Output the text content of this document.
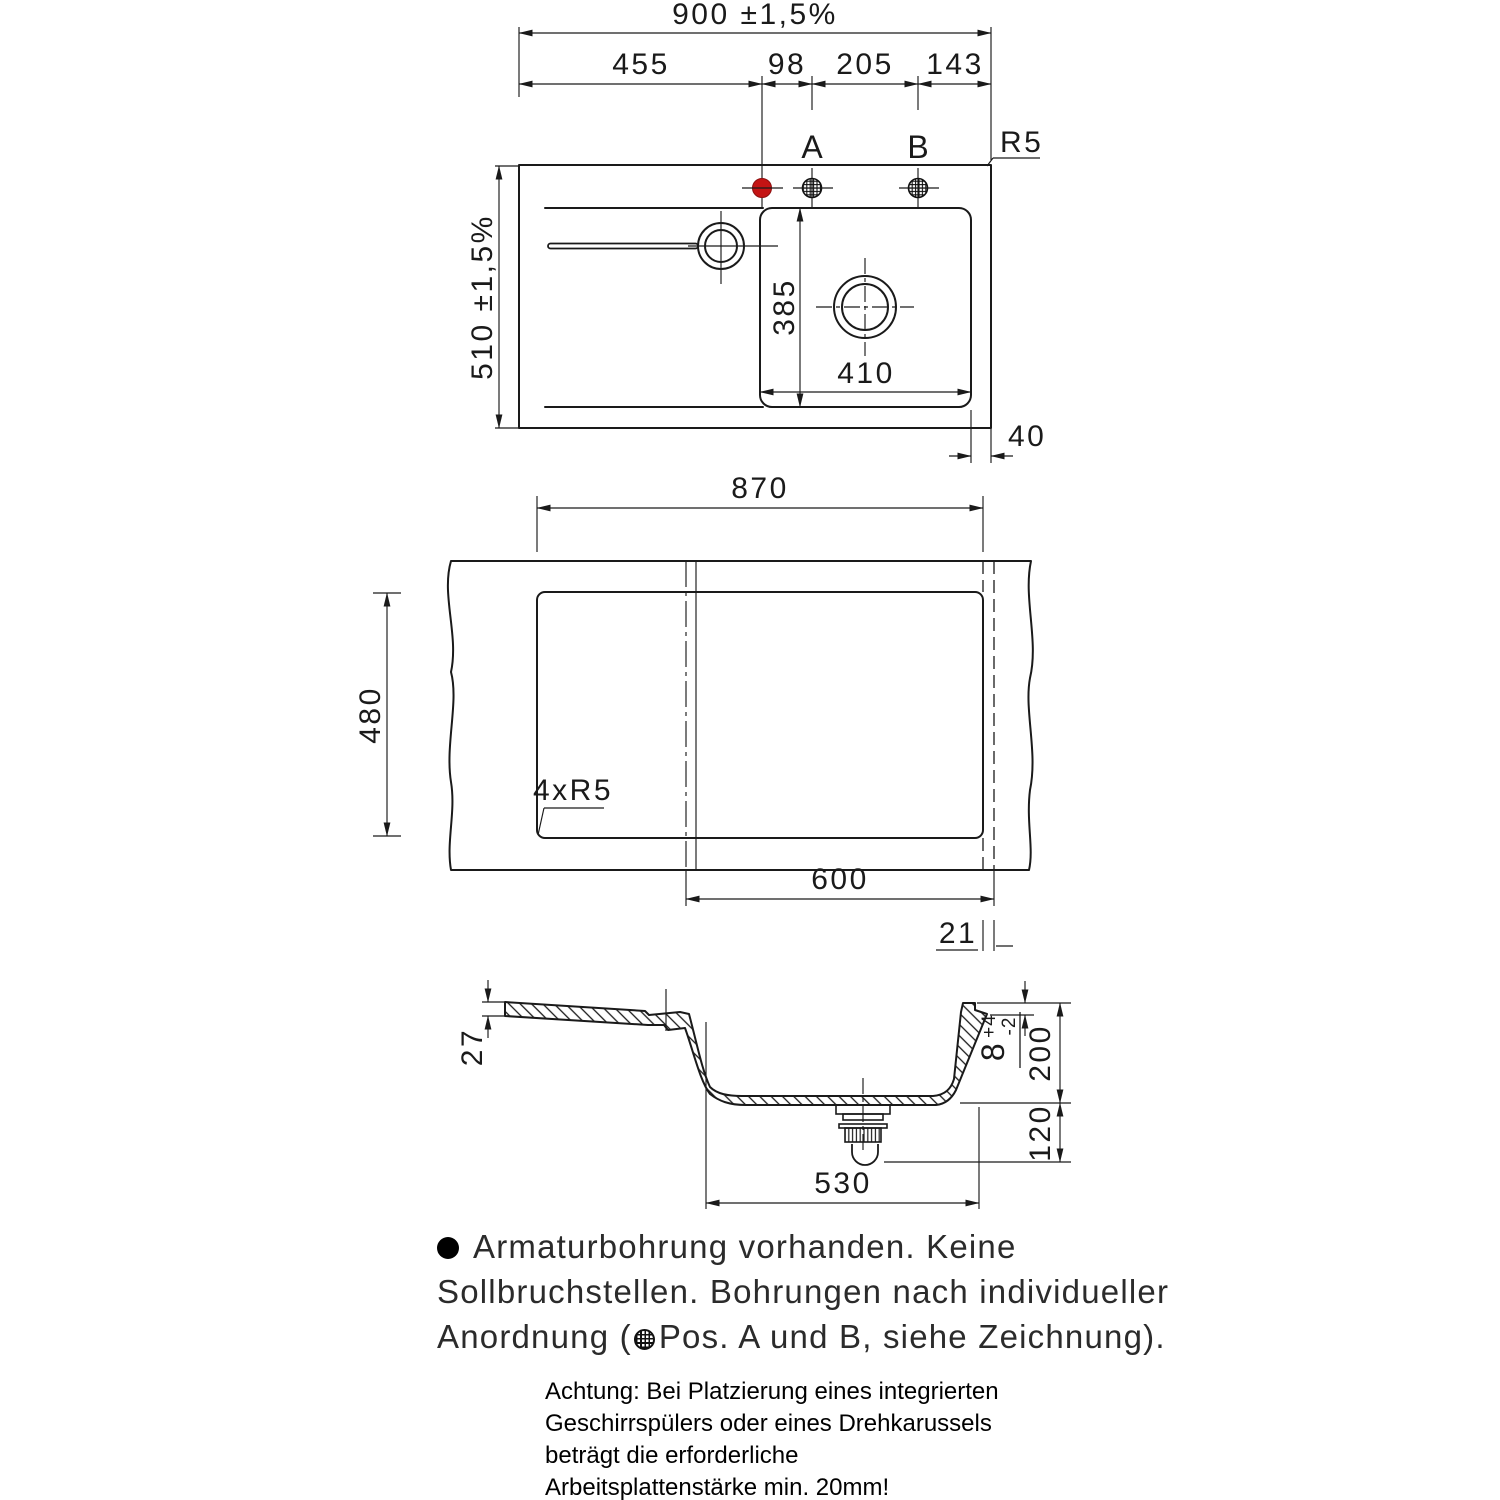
A	B R5
900 ±1,5%
455	98 205 143
510 ±1,5%	385
410
40
870
480
4xR5
600
21
27	8
+4 -2 200
120
530
Armaturbohrung vorhanden. Keine
Sollbruchstellen. Bohrungen nach individueller
Anordnung ( Pos. A und B, siehe Zeichnung).
Achtung: Bei Platzierung eines integrierten
Geschirrspülers oder eines Drehkarussels
beträgt die erforderliche
Arbeitsplattenstärke min. 20mm!
